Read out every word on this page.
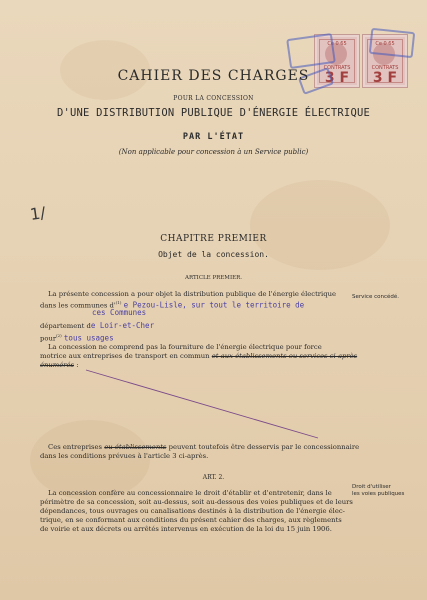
Ce 0 65
CONTRATS
3 F
Ce 0 65
CONTRATS
3 F
CAHIER DES CHARGES
POUR LA CONCESSION
D'UNE DISTRIBUTION PUBLIQUE D'ÉNERGIE ÉLECTRIQUE
PAR L'ÉTAT
(Non applicable pour concession à un Service public)
1/
CHAPITRE PREMIER
Objet de la concession.
ARTICLE PREMIER.
La présente concession a pour objet la distribution publique de l'énergie électrique
dans les communes $d'^{(1)}$ e Pezou-Lisle, sur tout le territoire de
ces Communes
département de Loir-et-Cher
pour$^{(2)}$ tous usages
La concession ne comprend pas la fourniture de l'énergie électrique pour force
motrice aux entreprises de transport en commun et aux établissements ou services ci-après
énumérés :
Ces entreprises ou établissements peuvent toutefois être desservis par le concessionnaire
dans les conditions prévues à l'article 3 ci-après.
ART. 2.
La concession confère au concessionnaire le droit d'établir et d'entretenir, dans le
périmètre de sa concession, soit au-dessus, soit au-dessous des voies publiques et de leurs
dépendances, tous ouvrages ou canalisations destinés à la distribution de l'énergie élec-
trique, en se conformant aux conditions du présent cahier des charges, aux règlements
de voirie et aux décrets ou arrêtés intervenus en exécution de la loi du 15 juin 1906.
Service concédé.
Droit d'utiliser
les voies publiques
